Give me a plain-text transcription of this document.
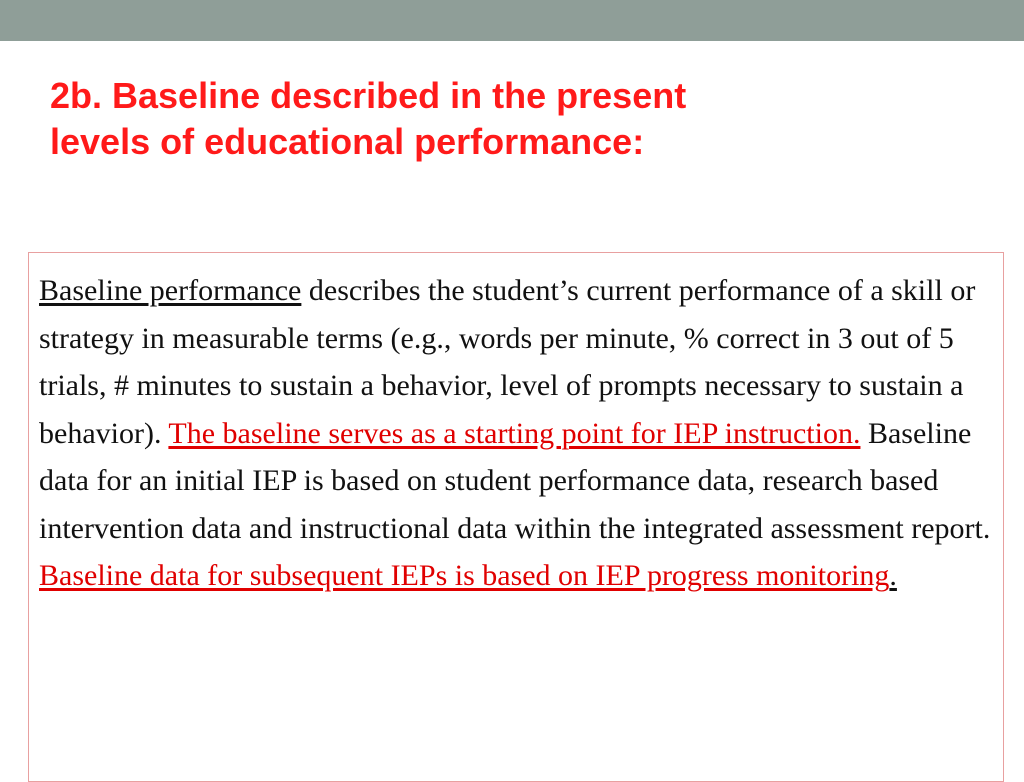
2b. Baseline described in the present
levels of educational performance:

Baseline performance describes the student’s current performance of a skill or strategy in measurable terms (e.g., words per minute, % correct in 3 out of 5 trials, # minutes to sustain a behavior, level of prompts necessary to sustain a behavior). The baseline serves as a starting point for IEP instruction. Baseline data for an initial IEP is based on student performance data, research based intervention data and instructional data within the integrated assessment report. Baseline data for subsequent IEPs is based on IEP progress monitoring.
